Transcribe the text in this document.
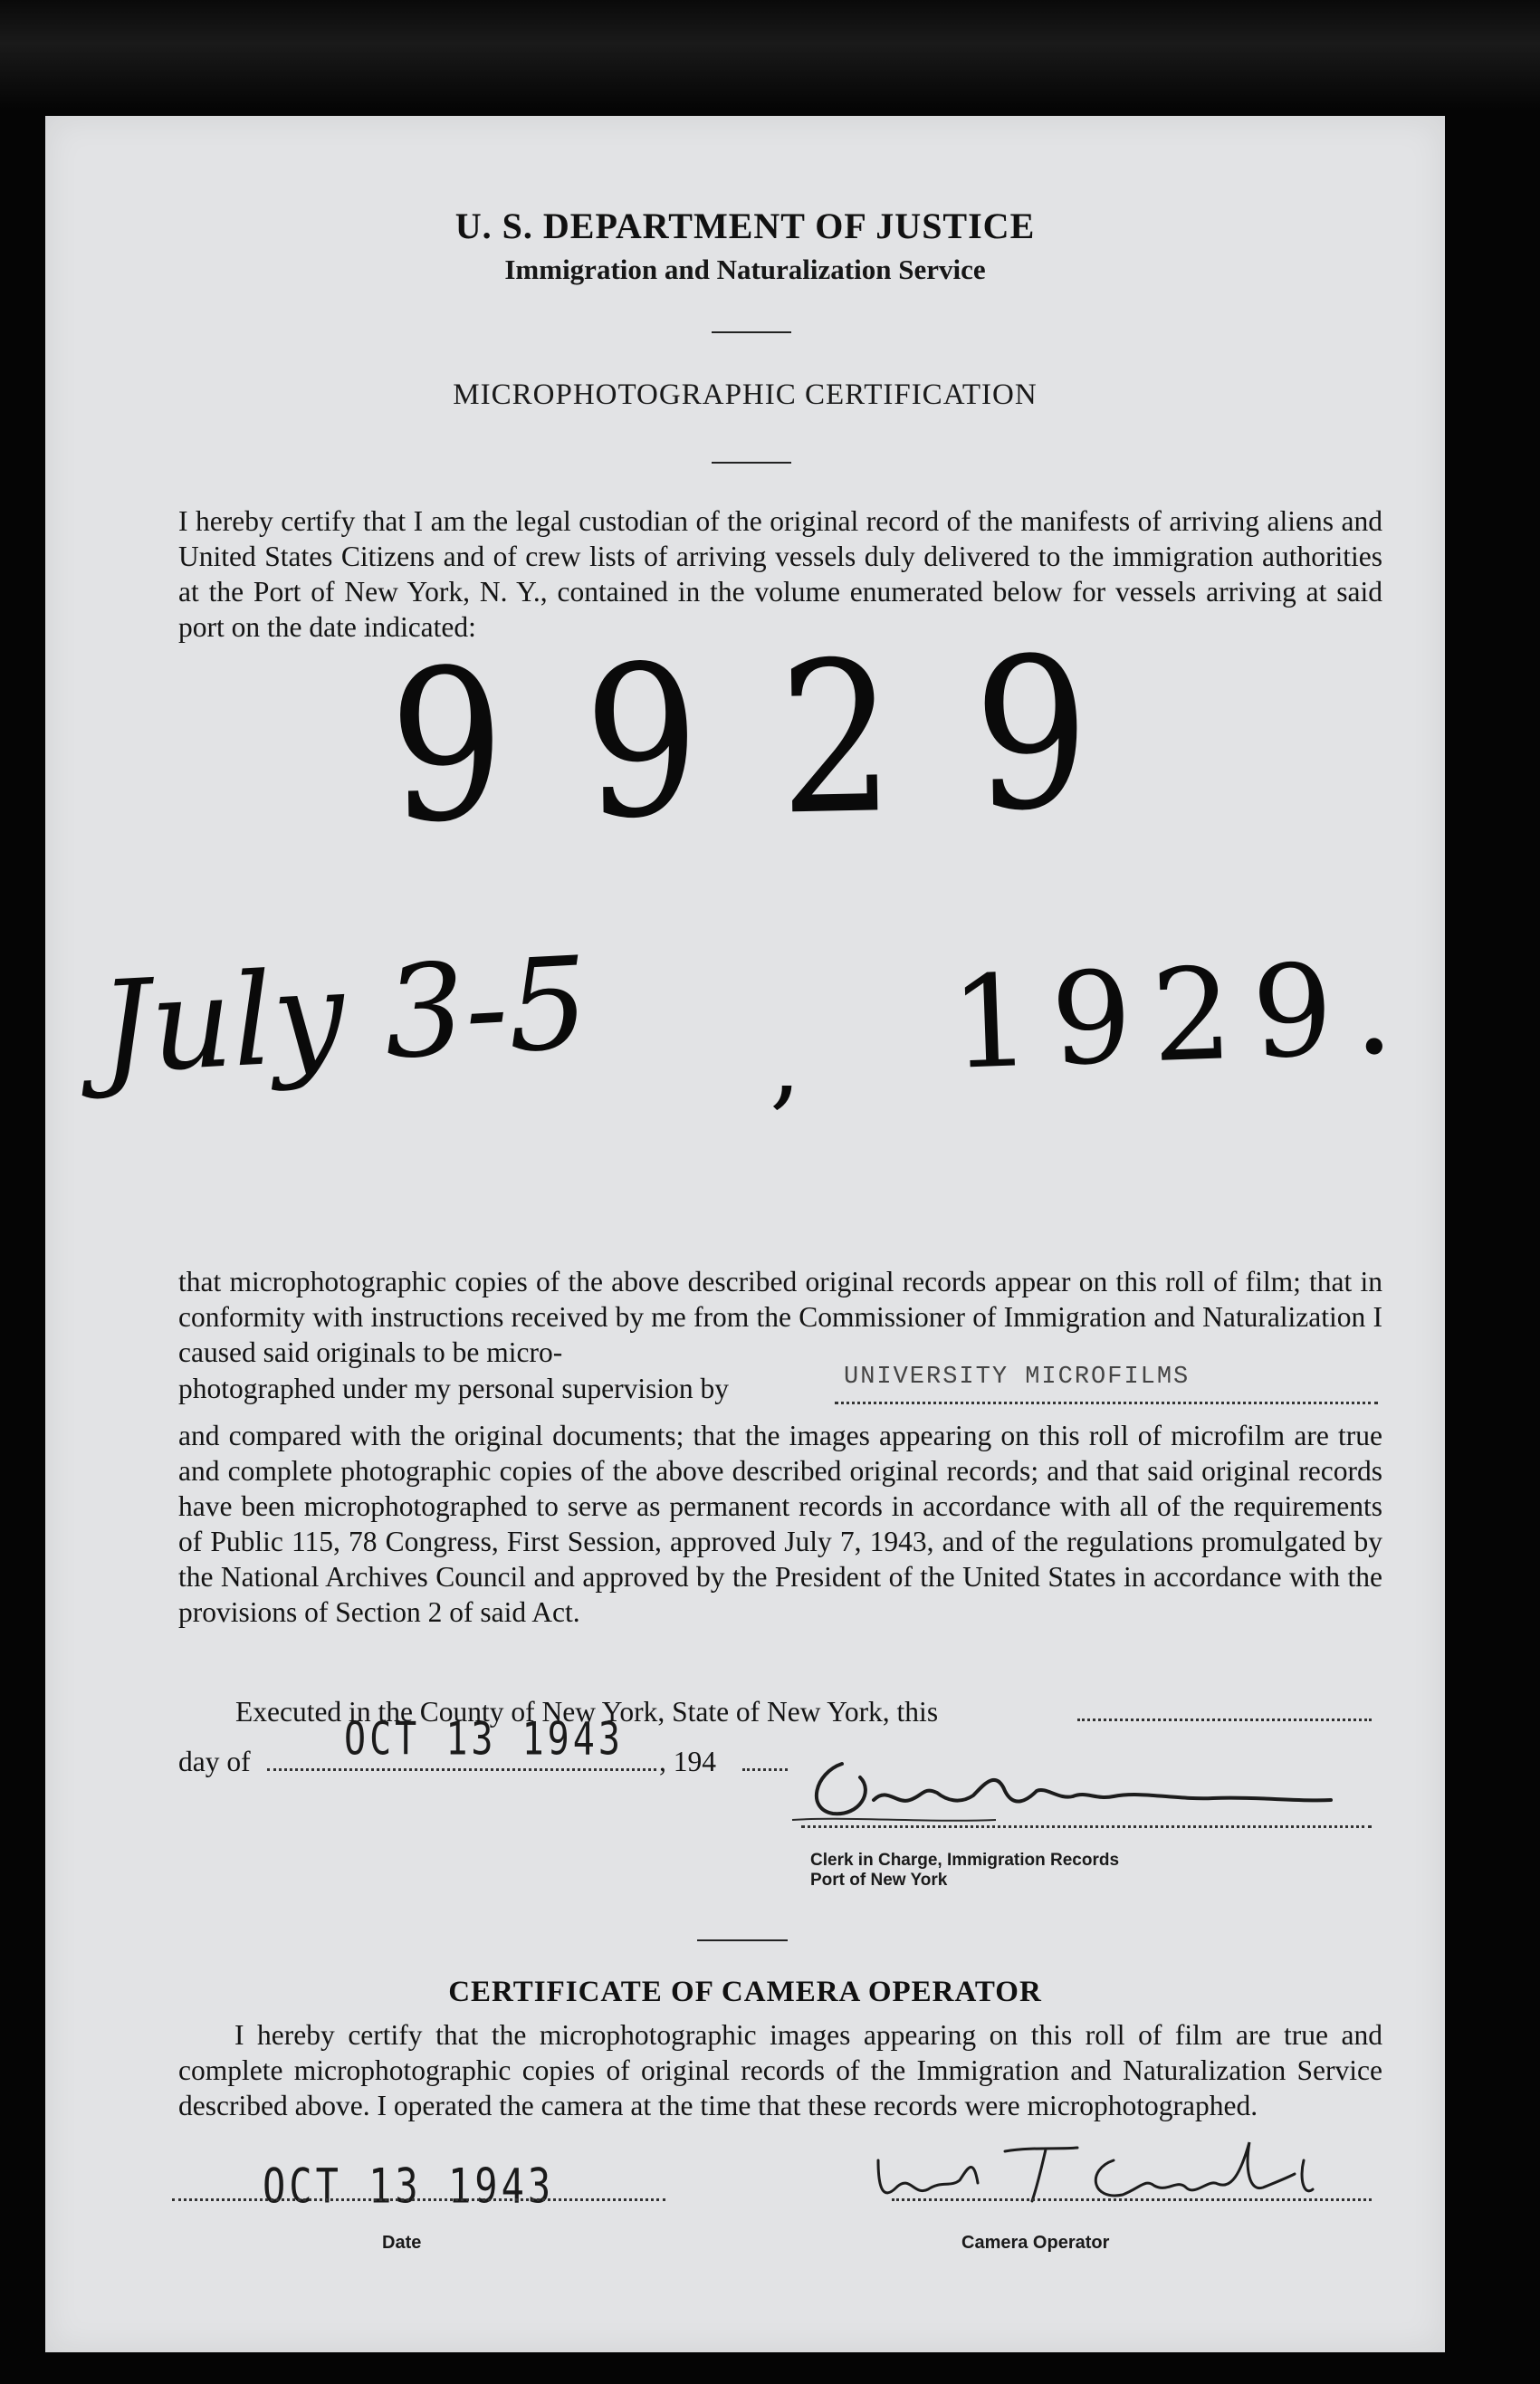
U. S. DEPARTMENT OF JUSTICE
Immigration and Naturalization Service
MICROPHOTOGRAPHIC CERTIFICATION

I hereby certify that I am the legal custodian of the original record of the manifests of arriving aliens and United States Citizens and of crew lists of arriving vessels duly delivered to the immigration authorities at the Port of New York, N. Y., contained in the volume enumerated below for vessels arriving at said port on the date indicated:

9929
July 3-5 , 1929.

that microphotographic copies of the above described original records appear on this roll of film; that in conformity with instructions received by me from the Commissioner of Immigration and Naturalization I caused said originals to be micro-

photographed under my personal supervision by	UNIVERSITY MICROFILMS

and compared with the original documents; that the images appearing on this roll of microfilm are true and complete photographic copies of the above described original records; and that said original records have been microphotographed to serve as permanent records in accordance with all of the requirements of Public 115, 78 Congress, First Session, approved July 7, 1943, and of the regulations promulgated by the National Archives Council and approved by the President of the United States in accordance with the provisions of Section 2 of said Act.

Executed in the County of New York, State of New York, this
day of	OCT 13 1943 , 194
Clerk in Charge, Immigration Records
Port of New York
CERTIFICATE OF CAMERA OPERATOR

I hereby certify that the microphotographic images appearing on this roll of film are true and complete microphotographic copies of original records of the Immigration and Naturalization Service described above. I operated the camera at the time that these records were microphotographed.

OCT 13 1943
Date	Camera Operator
